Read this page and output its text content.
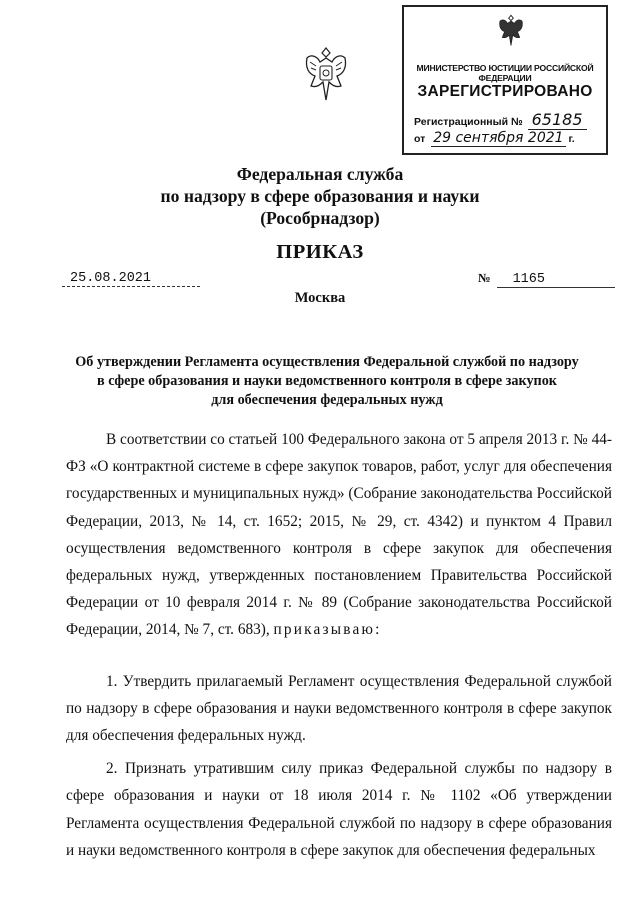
МИНИСТЕРСТВО ЮСТИЦИИ РОССИЙСКОЙ ФЕДЕРАЦИИ
ЗАРЕГИСТРИРОВАНО
Регистрационный № 65185
от 29 сентября 2021 г.
Федеральная служба
по надзору в сфере образования и науки
(Рособрнадзор)
ПРИКАЗ
25.08.2021	№ 1165
Москва
Об утверждении Регламента осуществления Федеральной службой по надзору
в сфере образования и науки ведомственного контроля в сфере закупок
для обеспечения федеральных нужд

В соответствии со статьей 100 Федерального закона от 5 апреля 2013 г. № 44-ФЗ «О контрактной системе в сфере закупок товаров, работ, услуг для обеспечения государственных и муниципальных нужд» (Собрание законодательства Российской Федерации, 2013, № 14, ст. 1652; 2015, № 29, ст. 4342) и пунктом 4 Правил осуществления ведомственного контроля в сфере закупок для обеспечения федеральных нужд, утвержденных постановлением Правительства Российской Федерации от 10 февраля 2014 г. № 89 (Собрание законодательства Российской Федерации, 2014, № 7, ст. 683), приказываю:

1. Утвердить прилагаемый Регламент осуществления Федеральной службой по надзору в сфере образования и науки ведомственного контроля в сфере закупок для обеспечения федеральных нужд.

2. Признать утратившим силу приказ Федеральной службы по надзору в сфере образования и науки от 18 июля 2014 г. № 1102 «Об утверждении Регламента осуществления Федеральной службой по надзору в сфере образования и науки ведомственного контроля в сфере закупок для обеспечения федеральных
